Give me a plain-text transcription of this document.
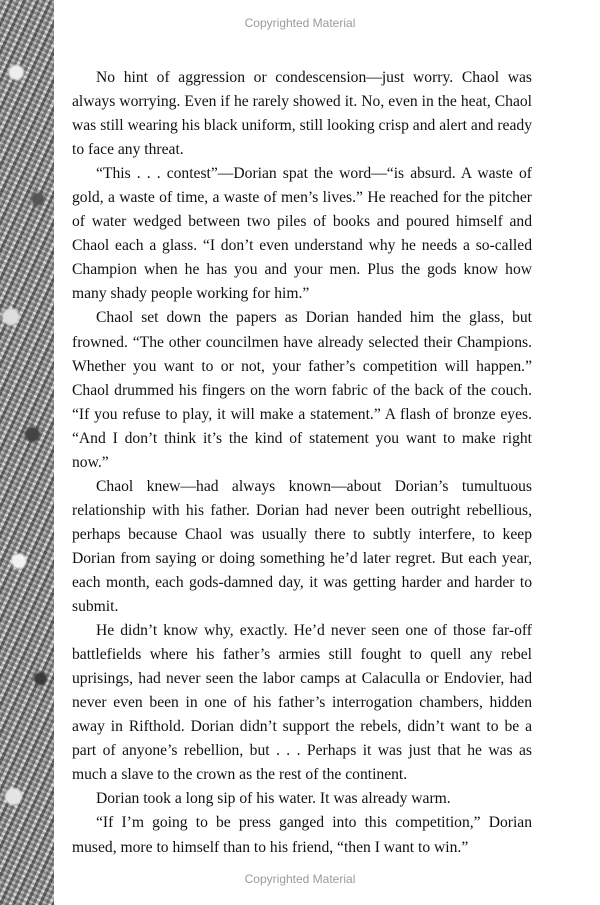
Copyrighted Material

No hint of aggression or condescension—just worry. Chaol was always worrying. Even if he rarely showed it. No, even in the heat, Chaol was still wearing his black uniform, still looking crisp and alert and ready to face any threat.

“This . . . contest”—Dorian spat the word—“is absurd. A waste of gold, a waste of time, a waste of men’s lives.” He reached for the pitcher of water wedged between two piles of books and poured himself and Chaol each a glass. “I don’t even understand why he needs a so-called Champion when he has you and your men. Plus the gods know how many shady people working for him.”

Chaol set down the papers as Dorian handed him the glass, but frowned. “The other councilmen have already selected their Champions. Whether you want to or not, your father’s competition will happen.” Chaol drummed his fingers on the worn fabric of the back of the couch. “If you refuse to play, it will make a statement.” A flash of bronze eyes. “And I don’t think it’s the kind of statement you want to make right now.”

Chaol knew—had always known—about Dorian’s tumultuous relationship with his father. Dorian had never been outright rebellious, perhaps because Chaol was usually there to subtly interfere, to keep Dorian from saying or doing something he’d later regret. But each year, each month, each gods-damned day, it was getting harder and harder to submit.

He didn’t know why, exactly. He’d never seen one of those far-off battlefields where his father’s armies still fought to quell any rebel uprisings, had never seen the labor camps at Calaculla or Endovier, had never even been in one of his father’s interrogation chambers, hidden away in Rifthold. Dorian didn’t support the rebels, didn’t want to be a part of anyone’s rebellion, but . . . Perhaps it was just that he was as much a slave to the crown as the rest of the continent.

Dorian took a long sip of his water. It was already warm.

“If I’m going to be press ganged into this competition,” Dorian mused, more to himself than to his friend, “then I want to win.”

Copyrighted Material
